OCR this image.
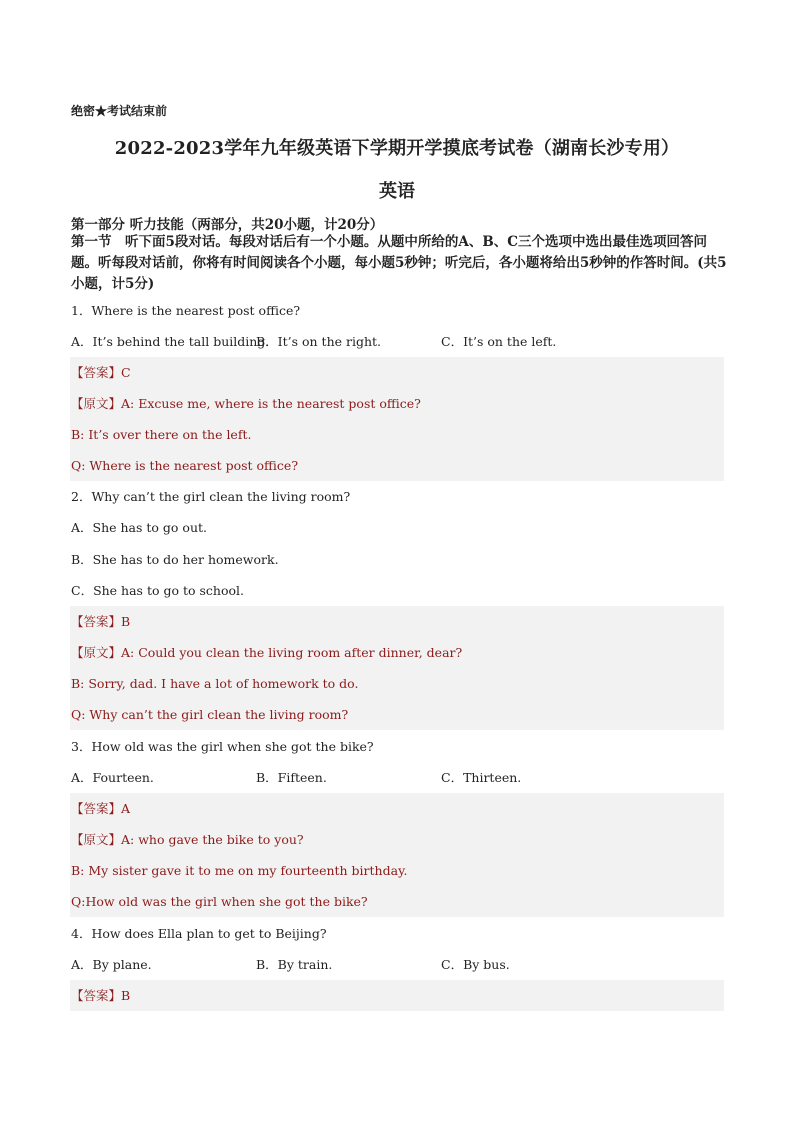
绝密★考试结束前
2022-2023学年九年级英语下学期开学摸底考试卷（湖南长沙专用）
英语
第一部分 听力技能（两部分，共20小题，计20分）
第一节　听下面5段对话。每段对话后有一个小题。从题中所给的A、B、C三个选项中选出最佳选项回答问题。听每段对话前，你将有时间阅读各个小题，每小题5秒钟；听完后，各小题将给出5秒钟的作答时间。(共5小题，计5分)
1．Where is the nearest post office?
A．It’s behind the tall building.
B．It’s on the right.	C．It’s on the left.
【答案】C
【原文】A: Excuse me, where is the nearest post office?
B: It’s over there on the left.
Q: Where is the nearest post office?
2．Why can’t the girl clean the living room?
A．She has to go out.
B．She has to do her homework.
C．She has to go to school.
【答案】B
【原文】A: Could you clean the living room after dinner, dear?
B: Sorry, dad. I have a lot of homework to do.
Q: Why can’t the girl clean the living room?
3．How old was the girl when she got the bike?
A．Fourteen.	B．Fifteen.	C．Thirteen.
【答案】A
【原文】A: who gave the bike to you?
B: My sister gave it to me on my fourteenth birthday.
Q:How old was the girl when she got the bike?
4．How does Ella plan to get to Beijing?
A．By plane.	B．By train.	C．By bus.
【答案】B
